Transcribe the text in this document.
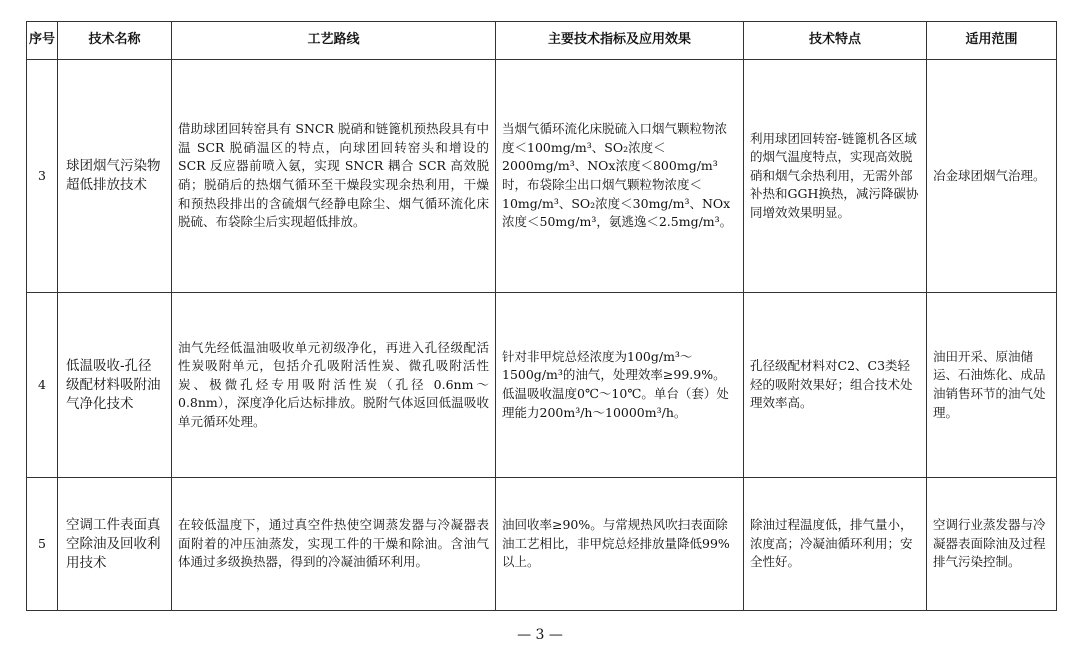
序号	技术名称	工艺路线	主要技术指标及应用效果	技术特点	适用范围
3	球团烟气污染物超低排放技术	借助球团回转窑具有 SNCR 脱硝和链篦机预热段具有中温 SCR 脱硝温区的特点，向球团回转窑头和增设的 SCR 反应器前喷入氨，实现 SNCR 耦合 SCR 高效脱硝；脱硝后的热烟气循环至干燥段实现余热利用，干燥和预热段排出的含硫烟气经静电除尘、烟气循环流化床脱硫、布袋除尘后实现超低排放。	当烟气循环流化床脱硫入口烟气颗粒物浓度＜100mg/m³、SO₂浓度＜2000mg/m³、NOx浓度＜800mg/m³时，布袋除尘出口烟气颗粒物浓度＜10mg/m³、SO₂浓度＜30mg/m³、NOx浓度＜50mg/m³，氨逃逸＜2.5mg/m³。	利用球团回转窑-链篦机各区域的烟气温度特点，实现高效脱硝和烟气余热利用，无需外部补热和GGH换热，减污降碳协同增效效果明显。	冶金球团烟气治理。
4	低温吸收-孔径级配材料吸附油气净化技术	油气先经低温油吸收单元初级净化，再进入孔径级配活性炭吸附单元，包括介孔吸附活性炭、微孔吸附活性炭、极微孔烃专用吸附活性炭（孔径 0.6nm～0.8nm），深度净化后达标排放。脱附气体返回低温吸收单元循环处理。	针对非甲烷总烃浓度为100g/m³～1500g/m³的油气，处理效率≥99.9%。低温吸收温度0℃～10℃。单台（套）处理能力200m³/h～10000m³/h。	孔径级配材料对C2、C3类轻烃的吸附效果好；组合技术处理效率高。	油田开采、原油储运、石油炼化、成品油销售环节的油气处理。
5	空调工件表面真空除油及回收利用技术	在较低温度下，通过真空件热使空调蒸发器与冷凝器表面附着的冲压油蒸发，实现工件的干燥和除油。含油气体通过多级换热器，得到的冷凝油循环利用。	油回收率≥90%。与常规热风吹扫表面除油工艺相比，非甲烷总烃排放量降低99%以上。	除油过程温度低，排气量小，浓度高；冷凝油循环利用；安全性好。	空调行业蒸发器与冷凝器表面除油及过程排气污染控制。
— 3 —
